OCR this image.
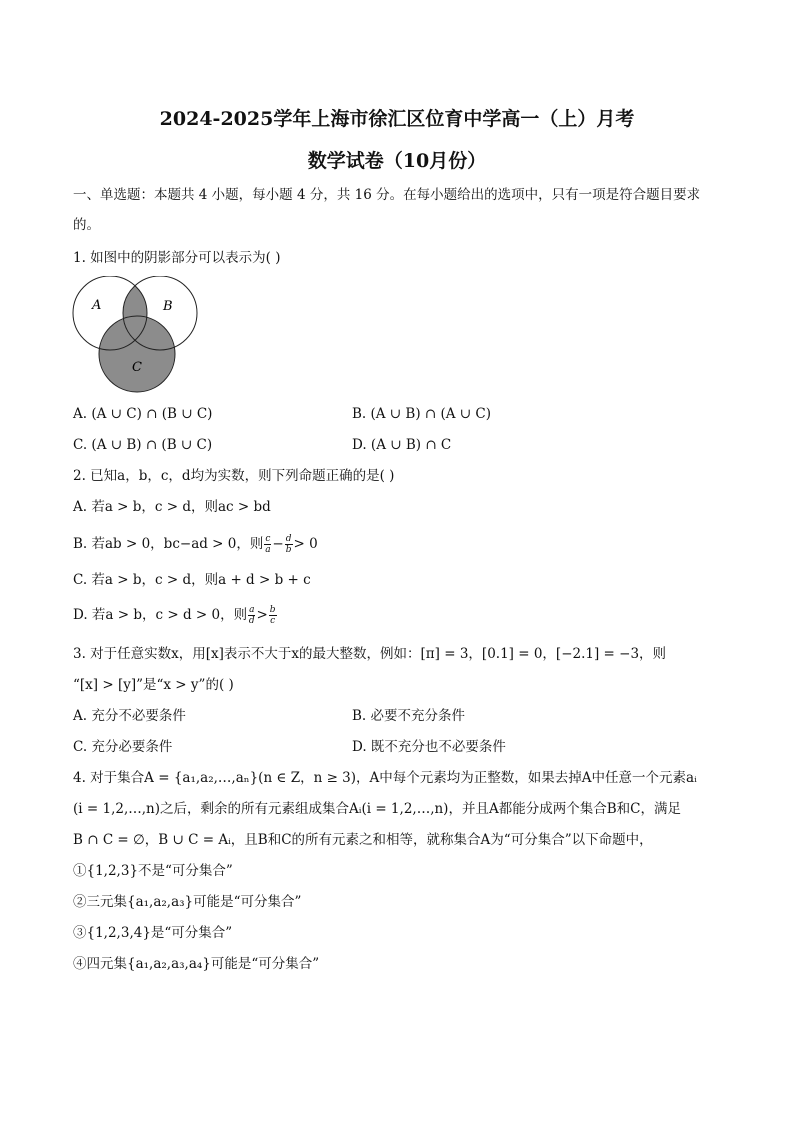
2024-2025学年上海市徐汇区位育中学高一（上）月考
数学试卷（10月份）
一、单选题：本题共 4 小题，每小题 4 分，共 16 分。在每小题给出的选项中，只有一项是符合题目要求
的。
1. 如图中的阴影部分可以表示为( )
A	B
C
A. (A ∪ C) ∩ (B ∪ C)	B. (A ∪ B) ∩ (A ∪ C)
C. (A ∪ B) ∩ (B ∪ C)	D. (A ∪ B) ∩ C
2. 已知a，b，c，d均为实数，则下列命题正确的是( )
A. 若a > b，c > d，则ac > bd
B. 若ab > 0，bc−ad > 0，则 $\frac{c}{a} - \frac{d}{b} > 0$
C. 若a > b，c > d，则a + d > b + c
D. 若a > b，c > d > 0，则 $\frac{a}{d} > \frac{b}{c}$
3. 对于任意实数x，用[x]表示不大于x的最大整数，例如：[π] = 3，[0.1] = 0，[−2.1] = −3，则
“[x] > [y]”是“x > y”的( )
A. 充分不必要条件	B. 必要不充分条件
C. 充分必要条件	D. 既不充分也不必要条件
4. 对于集合A = {a₁,a₂,…,aₙ}(n ∈ Z，n ≥ 3)，A中每个元素均为正整数，如果去掉A中任意一个元素aᵢ
(i = 1,2,…,n)之后，剩余的所有元素组成集合Aᵢ(i = 1,2,…,n)，并且A都能分成两个集合B和C，满足
B ∩ C = ∅，B ∪ C = Aᵢ，且B和C的所有元素之和相等，就称集合A为“可分集合”以下命题中，
①{1,2,3}不是“可分集合”
②三元集{a₁,a₂,a₃}可能是“可分集合”
③{1,2,3,4}是“可分集合”
④四元集{a₁,a₂,a₃,a₄}可能是“可分集合”
